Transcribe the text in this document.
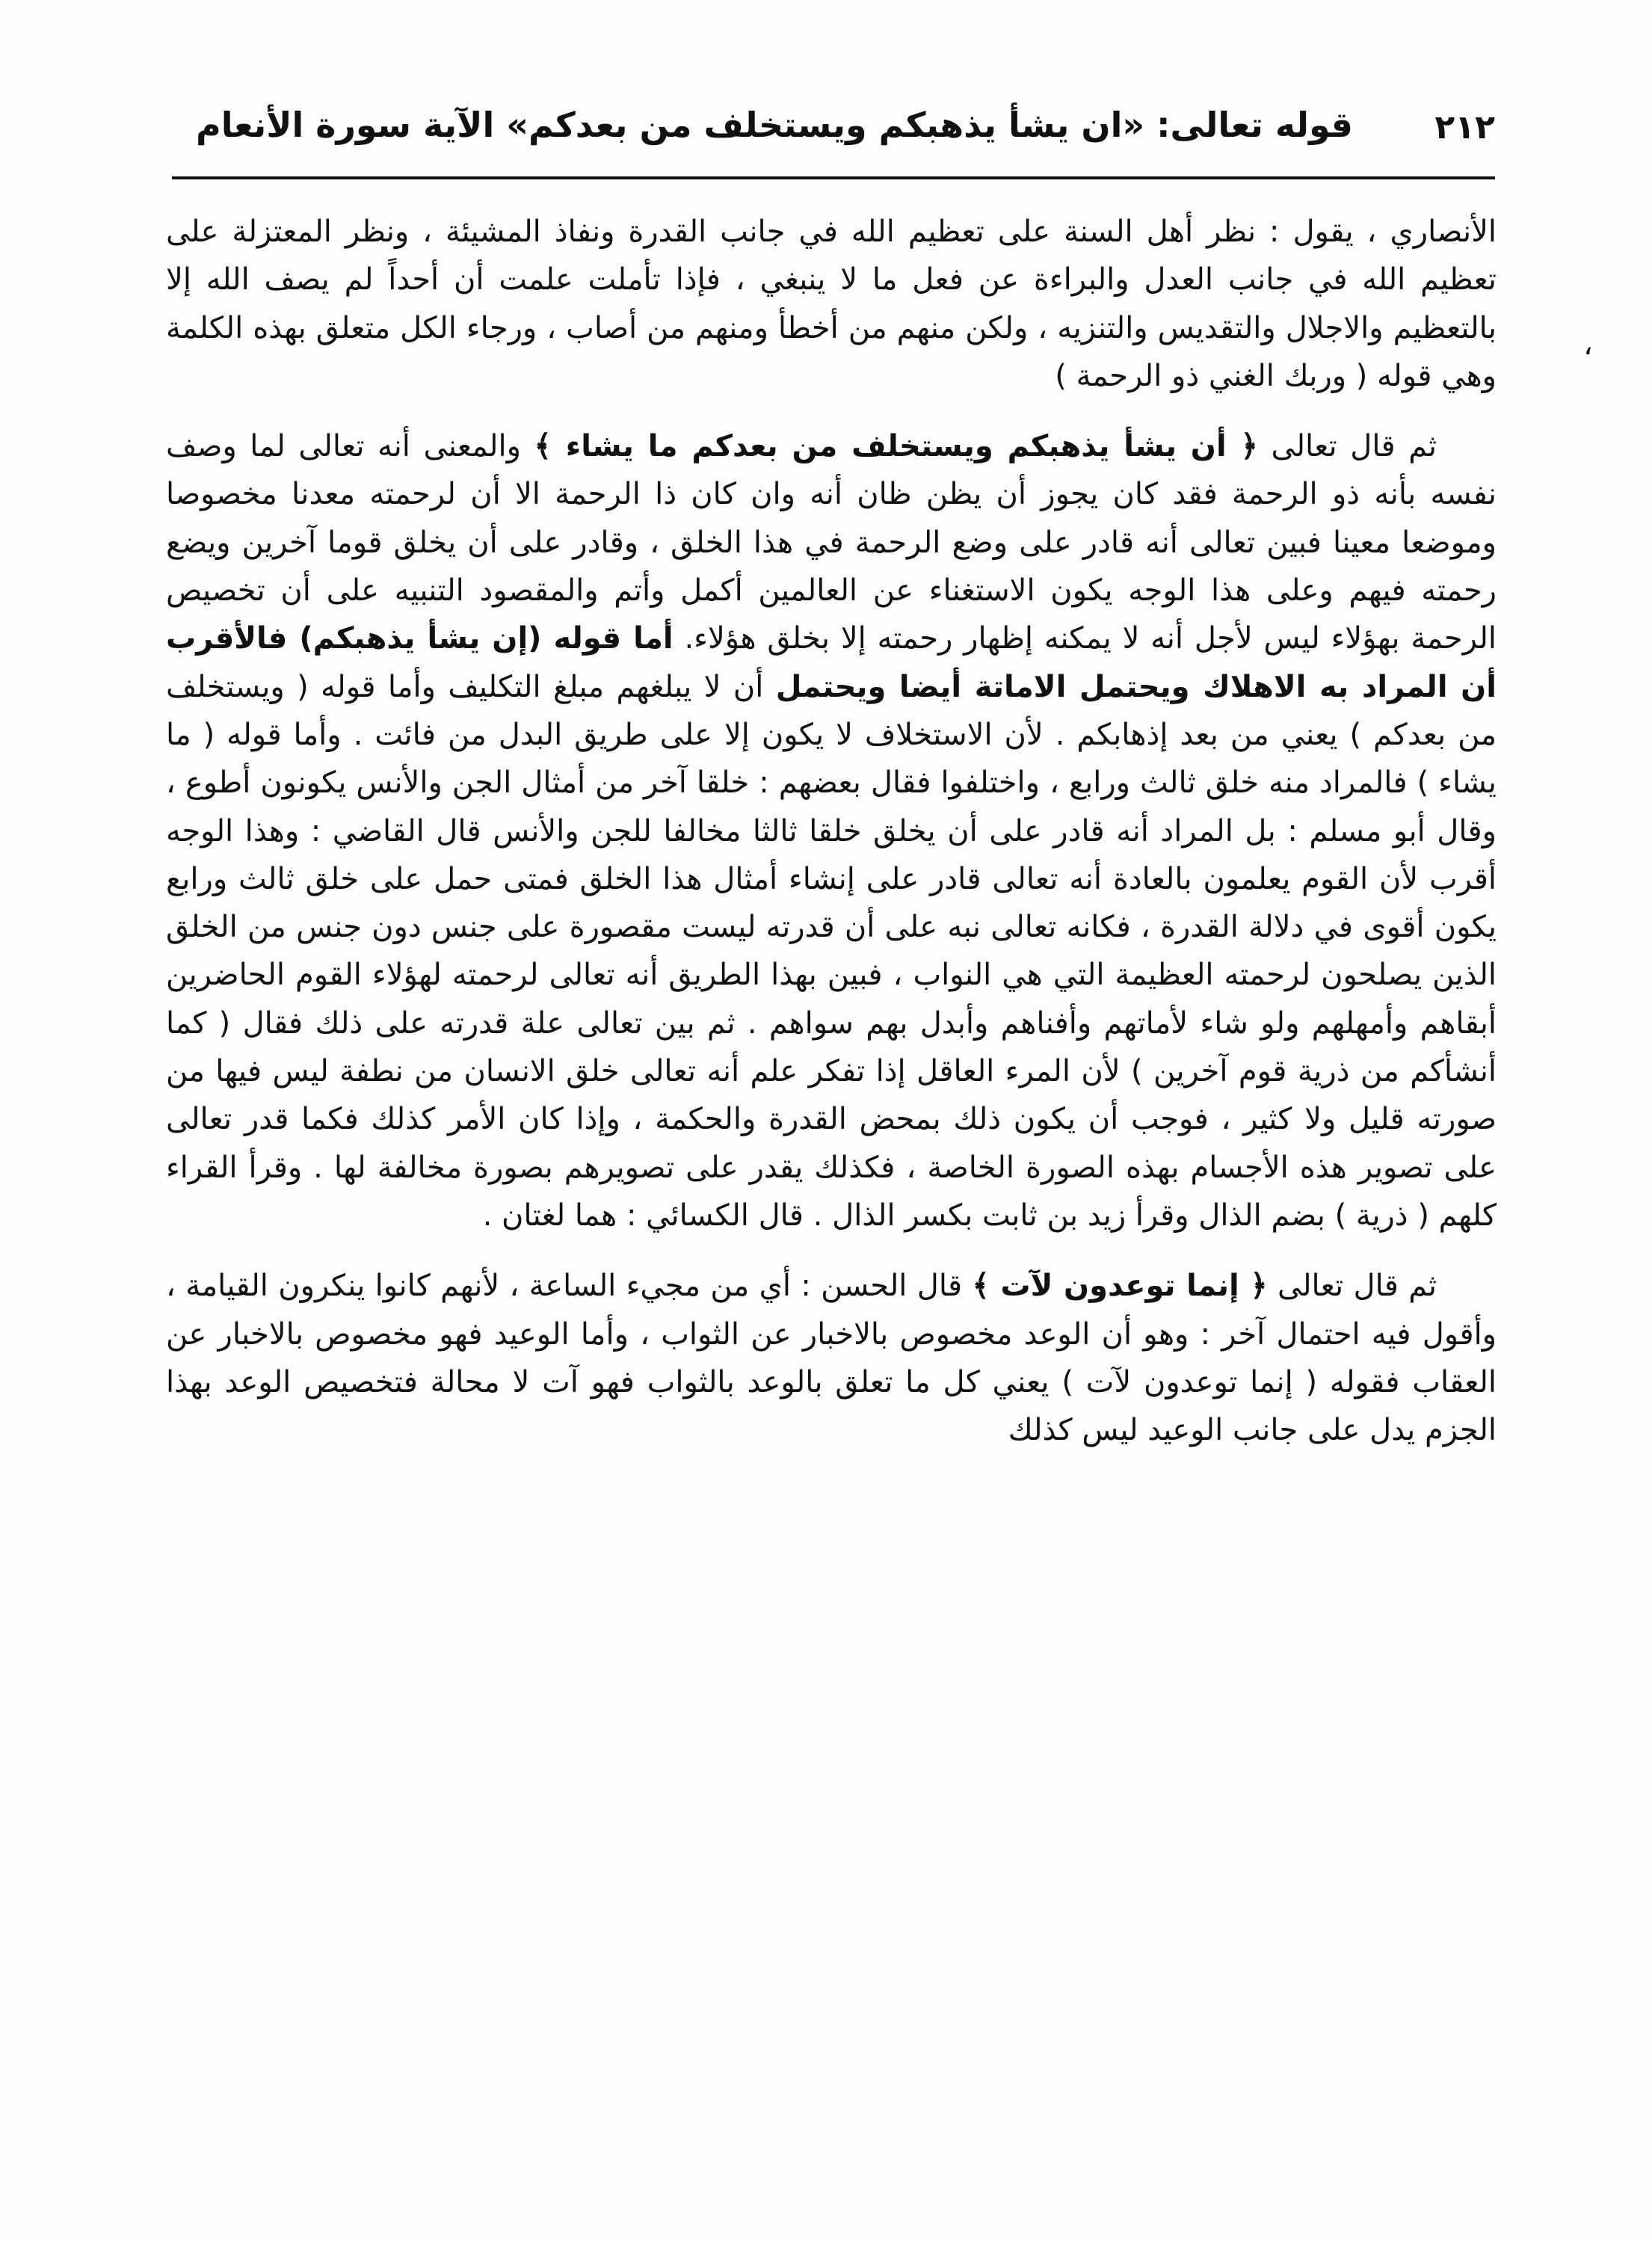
٢١٢
قوله تعالى: «ان يشأ يذهبكم ويستخلف من بعدكم» الآية سورة الأنعام
،

الأنصاري ، يقول : نظر أهل السنة على تعظيم الله في جانب القدرة ونفاذ المشيئة ، ونظر المعتزلة على تعظيم الله في جانب العدل والبراءة عن فعل ما لا ينبغي ، فإذا تأملت علمت أن أحداً لم يصف الله إلا بالتعظيم والاجلال والتقديس والتنزيه ، ولكن منهم من أخطأ ومنهم من أصاب ، ورجاء الكل متعلق بهذه الكلمة وهي قوله ( وربك الغني ذو الرحمة )

ثم قال تعالى ﴿ أن يشأ يذهبكم ويستخلف من بعدكم ما يشاء ﴾ والمعنى أنه تعالى لما وصف نفسه بأنه ذو الرحمة فقد كان يجوز أن يظن ظان أنه وان كان ذا الرحمة الا أن لرحمته معدنا مخصوصا وموضعا معينا فبين تعالى أنه قادر على وضع الرحمة في هذا الخلق ، وقادر على أن يخلق قوما آخرين ويضع رحمته فيهم وعلى هذا الوجه يكون الاستغناء عن العالمين أكمل وأتم والمقصود التنبيه على أن تخصيص الرحمة بهؤلاء ليس لأجل أنه لا يمكنه إظهار رحمته إلا بخلق هؤلاء. أما قوله (إن يشأ يذهبكم) فالأقرب أن المراد به الاهلاك ويحتمل الاماتة أيضا ويحتمل أن لا يبلغهم مبلغ التكليف وأما قوله ( ويستخلف من بعدكم ) يعني من بعد إذهابكم . لأن الاستخلاف لا يكون إلا على طريق البدل من فائت . وأما قوله ( ما يشاء ) فالمراد منه خلق ثالث ورابع ، واختلفوا فقال بعضهم : خلقا آخر من أمثال الجن والأنس يكونون أطوع ، وقال أبو مسلم : بل المراد أنه قادر على أن يخلق خلقا ثالثا مخالفا للجن والأنس قال القاضي : وهذا الوجه أقرب لأن القوم يعلمون بالعادة أنه تعالى قادر على إنشاء أمثال هذا الخلق فمتى حمل على خلق ثالث ورابع يكون أقوى في دلالة القدرة ، فكانه تعالى نبه على أن قدرته ليست مقصورة على جنس دون جنس من الخلق الذين يصلحون لرحمته العظيمة التي هي النواب ، فبين بهذا الطريق أنه تعالى لرحمته لهؤلاء القوم الحاضرين أبقاهم وأمهلهم ولو شاء لأماتهم وأفناهم وأبدل بهم سواهم . ثم بين تعالى علة قدرته على ذلك فقال ( كما أنشأكم من ذرية قوم آخرين ) لأن المرء العاقل إذا تفكر علم أنه تعالى خلق الانسان من نطفة ليس فيها من صورته قليل ولا كثير ، فوجب أن يكون ذلك بمحض القدرة والحكمة ، وإذا كان الأمر كذلك فكما قدر تعالى على تصوير هذه الأجسام بهذه الصورة الخاصة ، فكذلك يقدر على تصويرهم بصورة مخالفة لها . وقرأ القراء كلهم ( ذرية ) بضم الذال وقرأ زيد بن ثابت بكسر الذال . قال الكسائي : هما لغتان .

ثم قال تعالى ﴿ إنما توعدون لآت ﴾ قال الحسن : أي من مجيء الساعة ، لأنهم كانوا ينكرون القيامة ، وأقول فيه احتمال آخر : وهو أن الوعد مخصوص بالاخبار عن الثواب ، وأما الوعيد فهو مخصوص بالاخبار عن العقاب فقوله ( إنما توعدون لآت ) يعني كل ما تعلق بالوعد بالثواب فهو آت لا محالة فتخصيص الوعد بهذا الجزم يدل على جانب الوعيد ليس كذلك
